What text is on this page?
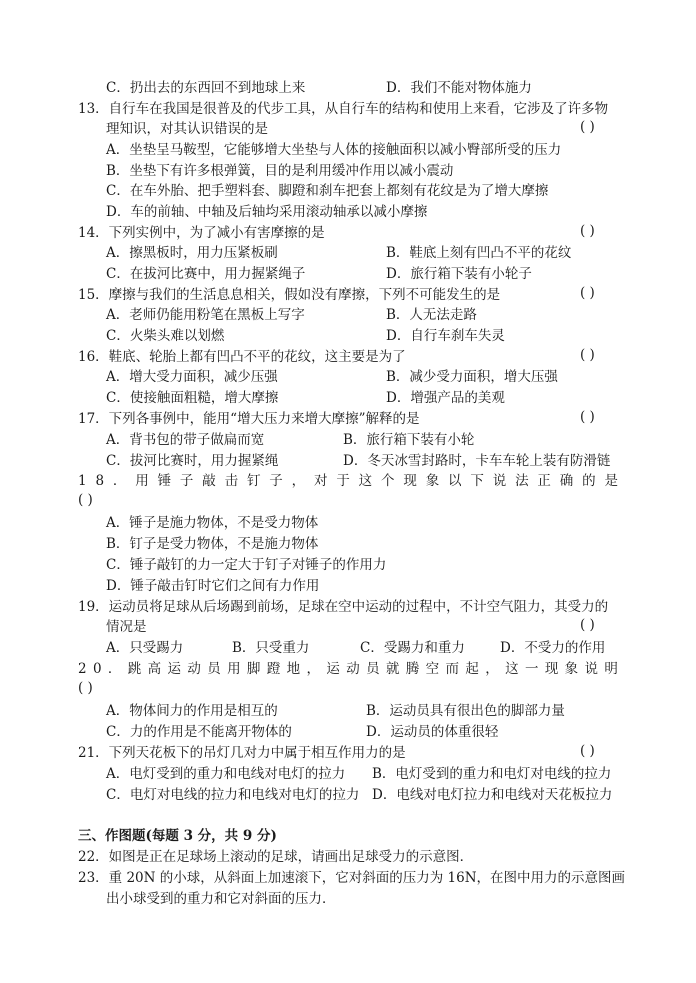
C．扔出去的东西回不到地球上来	D．我们不能对物体施力
13．自行车在我国是很普及的代步工具，从自行车的结构和使用上来看，它涉及了许多物
理知识，对其认识错误的是	( )
A．坐垫呈马鞍型，它能够增大坐垫与人体的接触面积以减小臀部所受的压力
B．坐垫下有许多根弹簧，目的是利用缓冲作用以减小震动
C．在车外胎、把手塑料套、脚蹬和刹车把套上都刻有花纹是为了增大摩擦
D．车的前轴、中轴及后轴均采用滚动轴承以减小摩擦
14．下列实例中，为了减小有害摩擦的是	( )
A．擦黑板时，用力压紧板刷	B．鞋底上刻有凹凸不平的花纹
C．在拔河比赛中，用力握紧绳子	D．旅行箱下装有小轮子
15．摩擦与我们的生活息息相关，假如没有摩擦，下列不可能发生的是	( )
A．老师仍能用粉笔在黑板上写字	B．人无法走路
C．火柴头难以划燃	D．自行车刹车失灵
16．鞋底、轮胎上都有凹凸不平的花纹，这主要是为了	( )
A．增大受力面积，减少压强	B．减少受力面积，增大压强
C．使接触面粗糙，增大摩擦	D．增强产品的美观
17．下列各事例中，能用“增大压力来增大摩擦”解释的是	( )
A．背书包的带子做扁而宽	B．旅行箱下装有小轮
C．拔河比赛时，用力握紧绳	D．冬天冰雪封路时，卡车车轮上装有防滑链
1 8 ． 用 锤 子 敲 击 钉 子 ， 对 于 这 个 现 象 以 下 说 法 正 确 的 是
( )
A．锤子是施力物体，不是受力物体
B．钉子是受力物体，不是施力物体
C．锤子敲钉的力一定大于钉子对锤子的作用力
D．锤子敲击钉时它们之间有力作用
19．运动员将足球从后场踢到前场，足球在空中运动的过程中，不计空气阻力，其受力的
情况是	( )
A．只受踢力	B．只受重力	C．受踢力和重力	D．不受力的作用
2 0 ． 跳 高 运 动 员 用 脚 蹬 地 ， 运 动 员 就 腾 空 而 起 ， 这 一 现 象 说 明
( )
A．物体间力的作用是相互的	B．运动员具有很出色的脚部力量
C．力的作用是不能离开物体的	D．运动员的体重很轻
21．下列天花板下的吊灯几对力中属于相互作用力的是	( )
A．电灯受到的重力和电线对电灯的拉力 B．电灯受到的重力和电灯对电线的拉力
C．电灯对电线的拉力和电线对电灯的拉力 D．电线对电灯拉力和电线对天花板拉力
三、作图题(每题 3 分，共 9 分)
22．如图是正在足球场上滚动的足球，请画出足球受力的示意图．
23．重 20N 的小球，从斜面上加速滚下，它对斜面的压力为 16N，在图中用力的示意图画
出小球受到的重力和它对斜面的压力．
